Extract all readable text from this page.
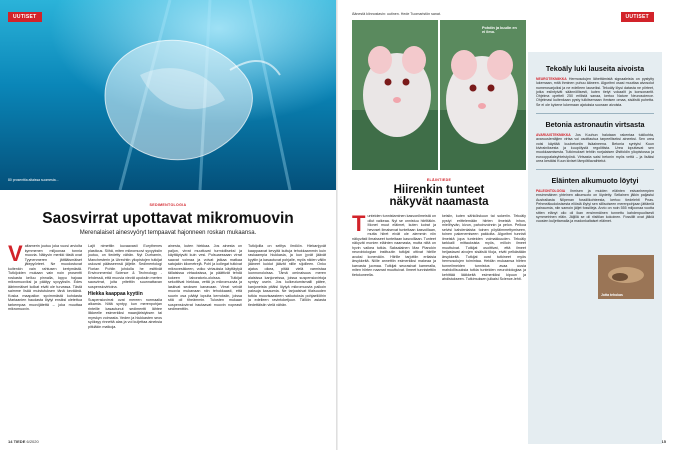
UUTISET
80 prosenttia altaissa suomesta...
SEDIMENTOLOGIA
Saosvirrat upottavat mikromuovin
Merenalaiset ainesvyöryt tempaavat hajonneen roskan mukaansa.
Valtamerin joutuu joka vuosi arviolta kymmenen miljoonaa tonnia muovia. Näkyvin merkki tästä ovat Tyynenmeren jättiläismäiset jätepyörteet. Ne muodostuvat kuitenkin vain rahtusen kertymästä. Tutkijoiden mukaan vain noin prosentti roskasta kelluu pinnalla, loppu hajoaa mikromuoviksi ja päätyy syvyyksiin. Edes äärimmäiset kolkat eivät ole turvassa. Tästä saimme lisää muistutuksen tänä keväänä. Koska maapallon syvimmästä kohdasta Mariaanien haudasta löytyi ensiksi oletettua tarkempaa muovijätettä – joka muuttaa mikromuovin.

Lajit nimettiin kuvaavasti Eurythenes plasticus. Siihä, miten mikromuovi syvyyksiin joutuu, on tiedetty vähän. Nyt Durhamin, Manchesterin ja Utrechtin yliopistojen tutkijat uskovat päässeensä jäljelle. Sedimentologi Florian Pohlin johdolla he esittivät Environmental Science & Technology -lehdessä, että muovia vievät upoksiin merten saosvirrat, joita yritettiin suunnattavan suspensiovirtoina.

Hiekka kaappaa kyytiin

Suspensiovirrat ovat mereen normaalia alkamia. Niitä syntyy, kun merenpohjan rinteille kasautunut sedimentti lähtee liikkeelle esimerkiksi maanjäristyksen tai myrskyn voimasta. Veden ja hiukkasten seos syöksyy rinnettä alas ja voi kuljettaa aineksia pitkiäkin matkoja.

ainesta, kuten hiekkaa. Jos ainesta on paljon, virrat muuttuvat turmiolliseksi ja käyttäytyvät kuin vesi. Pulsuaessaan virrat saavat voimaa ja voivat jatkaa matkaa satojakin kilometrejä. Pohl ja kollegat tutkivat mikrovesikkeen, voiko virtauksia käyttäytyä tällaisissa virtauksissa, ja päättivät tehdä kokeen laboratorio-oloissa. Tutkijat sekoittivat hiekkaa, vettä ja mikromuovia ja laskivat seoksen kanavaan. Virrat veivät muovia mukanaan niin tehokkaasti, että suurin osa päätyi lopulta kerroksiin, joissa sitä oli tiheämmin. Tulosten mukaan suspensiovirrat hautaavat muovin nopeasti sedimenttiin.

Tutkijoilla on selitys ilmiöön. Hiekanjyvät kaappaavat kevyitä kuituja tehokkaammin kuin raskaampia hiukkasia, ja kun jyvät jäävät kyytiin ja kasautuvat pohjalle, myös niiden väliin jääneet kuidut jäävät niille sijoilleen. Onko ajatus oikea, pitää vielä varmistaa luonnonoloissa. Tämä ominaisuus meren alaisissa kanjoneissa, joissa suspensiovirtoja syntyy usein. Jos kulkeutumismalli pätee, kanjoneista pitäisi löytyä mikromuovia paikoin paksuja kasaumia. Ne tarjoaisivat tilaisuuden tutkia muovisaasteen vaikutuksia pohjaeliöihin ja edelleen ravintoketjuun. Tällöin asiasta tiedettäisiin vielä vähän.

14 TIEDE 6/2020
Äänestä kiinnostavin: uutinen. Hede Tuomaristön sanat.
Pohdin ja kuulin en ei ilmo.
ELÄINTIEDE
Hiirenkin tunteet
näkyvät naamasta
Tunteiden tunnistaminen kasvonilmeistä on ollut vaikeaa. Nyt se onnistuu hiiriltäkin. Monet muut eläimet, kuten koirat ja hevoset ilmaisevat tunteitaan kasvoillaan, mutta hiiret eivät ole aiemmin niin näkyvästi ilmaisseet tunteitaan kasvoillaan. Tunteet näkyvät monien eläinten naamasta, mutta niitä on hyvin vaikea tutkia. Saksalainen Max Planckin neurobiologian instituutin tutkijat ottivat hiirille avuksi konenäön. Hiirille tarjottiin erilaisia ärsykkeitä. Niille annettiin esimerkiksi makeaa ja karvasta juomaa. Tutkijat seurasivat kameralla, miten hiirten naamat muuttuivat. Ilmeet tunnistettiin tietokoneella.

keisiin, kuten sähköiskuun tai sokeriin. Tekoäly pystyi erittelemään hiirten ilmeistä inhon, mielihyvän, kivun, pahoinvoinnin ja pelon. Pelkoa selvisi kahdenlaista: toinen pöytäimmettymiseen, toinen pakenemiseen pakkolta. Algoritmi tunnisti ilmeistä jopa tunteiden voimakkuuden. Tekoäly tarkkaili mittauksista myös, milloin ilmeet muuttuivat. Tutkijat osoittivat, että ilmeet heijastavat aivojen sisäisiä tiloja, eivät pelkästään ärsykkeitä. Tutkijat ovat tutkineet myös hermosolujen toimintaa. Heidän mukaansa hiirten tunneilmeiden tunnistus avaa uusia mahdollisuuksia tutkia tunteiden neurobiologiaa ja kehittää lääkkeitä esimerkiksi kipuun ja ahdistukseen. Tutkimuksen julkaisi Science-lehti.

15
UUTISET
Tekoäly luki lauseita aivoista
NEUROTEKNIIKKA Hermosolujen lähettämistä signaaleista on pystytty lukemaan, mitä ihminen puhuu ääneen. Algoritmi osasi muuttaa aivosolut numerosarjoiksi ja ne edelleen lauseiksi. Tekoäly löysi datasta ne piirteet, jotka esiintyivät säännöllisesti, kuten tietyt vokaalit ja konsonantit. Ohjelma opetteli 250 erillistä sanaa, kertoo Nature Neuroscience. Ohjelmasi kuitenkaan pysty tulkitsemaan ihmisen omaa, sisäistä puhetta. Se ei ole kykene lukemaan ajatuksia suoraan aivoista.
Betonia astronautin virtsasta
AVARUUSTEKNIIKKA Jos Kuuhun halutaan rakentaa tukikohta, avaruuslentäjien virtsa voi osoittautua tarpeelliseksi aineeksi. Sen urea voisi käyttää kuubetoniin lisäaineena. Betonia syntyisi Kuun kivirainiksesta ja kuupölystä regoliitista. Urea loputtavat sen muokkaamisesta. Tutkimukset tehtiin norjalaisen Østfoldin yliopistossa ja eurooppalaisyhteistyönä. Virtsasta saisi betonin myös vettä – ja lisäksi urea kestäisi Kuun kiviset lämpötilavaihtelut.
Eläinten alkumuoto löytyi
Jotta tehokas
PALEONTOLOGIA Ihmisen ja muiden eläinten esivanhempien ensimmäinen yhteinen alkumuoto on löydetty. Sellainen jäikin paljastui Australiasta Nilpenan fossiilikohteesta, kertoo tiedelehti Pnas. Pehmeäkudoksisesta eliöstä löytyi sen sillisoiseen merenpohjaan jättämiä painaumia, niin samoin jäljet fossiileja. Arvio on noin 555 miljoonaa vuotta sitten elänyt olio oli ikan ensimmäinen tunnettu kahdenpuolisesti symmetrinen eläin. Jäljillä se oli riisitilan kokoinen. Fossiilit ovat jälkiä vuosien kuljettamalla ja madonkaltaiset eläimet.
